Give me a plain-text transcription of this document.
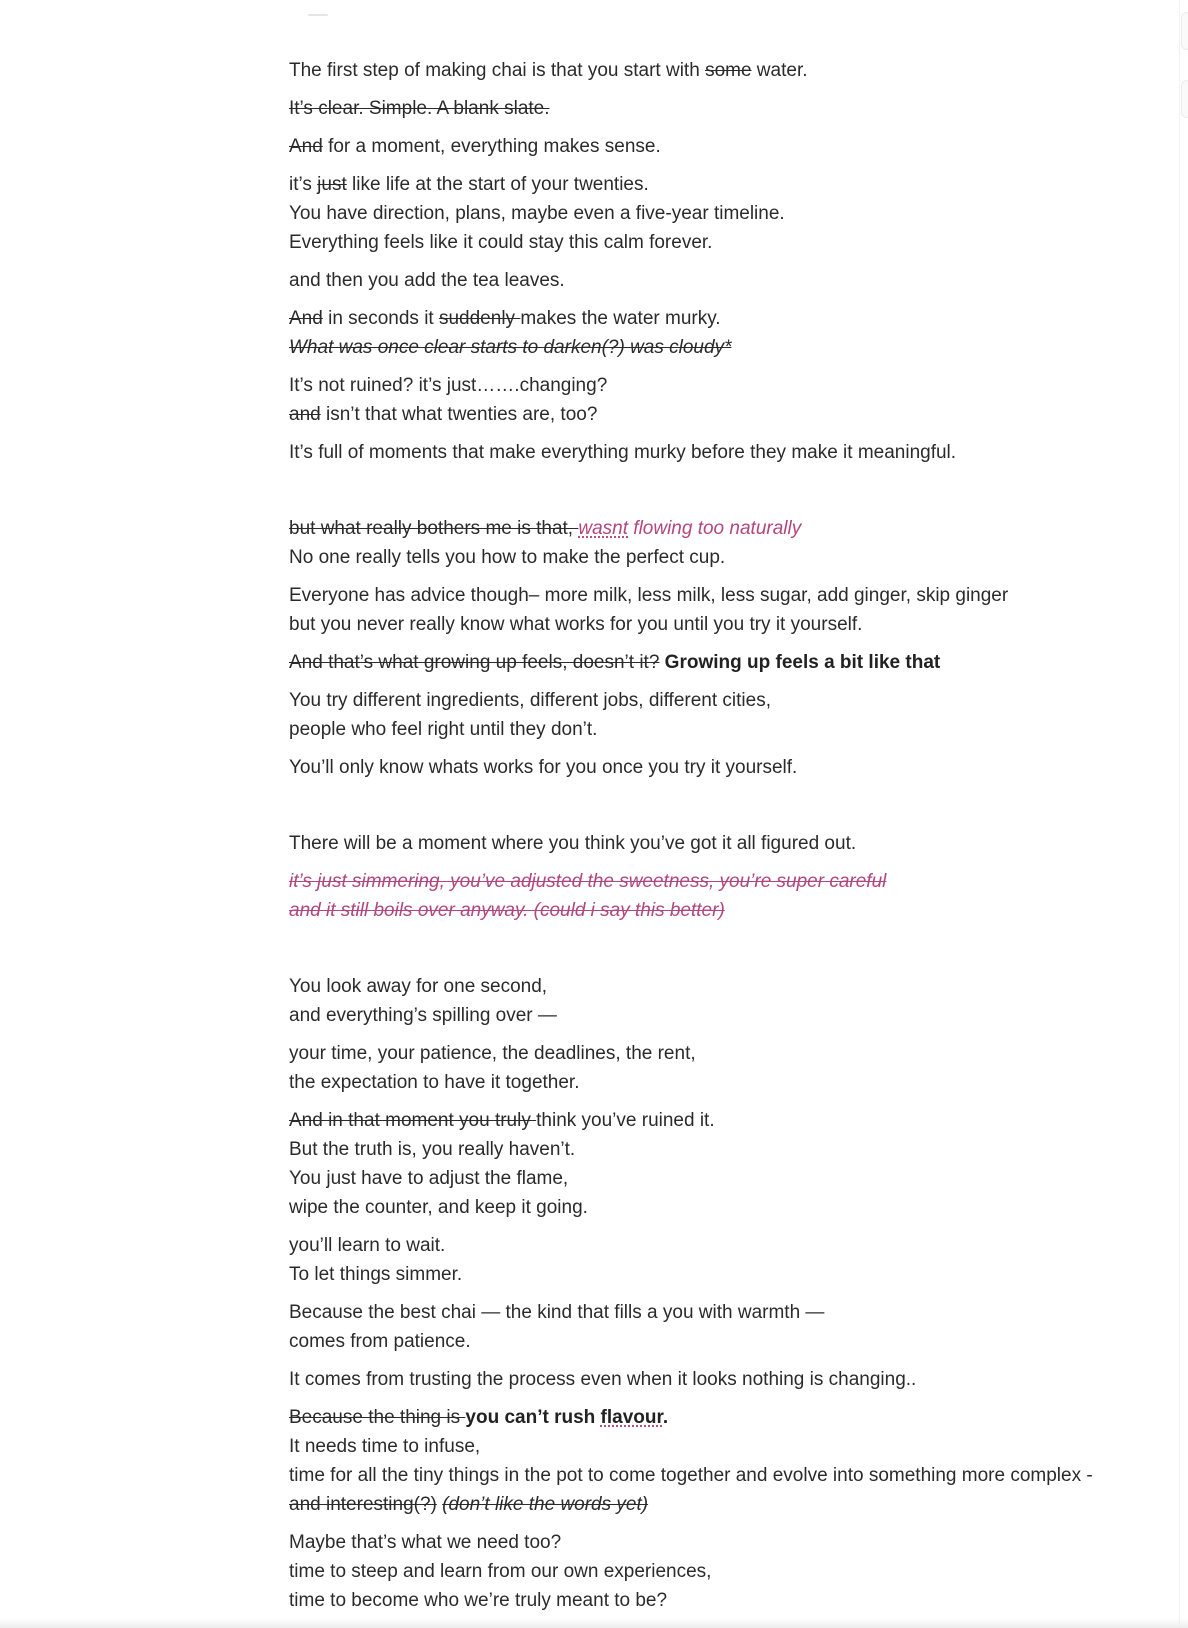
The first step of making chai is that you start with some water.

It’s clear. Simple. A blank slate.

And for a moment, everything makes sense.

it’s just like life at the start of your twenties.
You have direction, plans, maybe even a five-year timeline.
Everything feels like it could stay this calm forever.

and then you add the tea leaves.

And in seconds it suddenly makes the water murky.
What was once clear starts to darken(?) was cloudy*

It’s not ruined? it’s just…….changing?
and isn’t that what twenties are, too?

It’s full of moments that make everything murky before they make it meaningful.

but what really bothers me is that, wasnt flowing too naturally
No one really tells you how to make the perfect cup.

Everyone has advice though– more milk, less milk, less sugar, add ginger, skip ginger
but you never really know what works for you until you try it yourself.

And that’s what growing up feels, doesn’t it? Growing up feels a bit like that

You try different ingredients, different jobs, different cities,
people who feel right until they don’t.

You’ll only know whats works for you once you try it yourself.

There will be a moment where you think you’ve got it all figured out.

it’s just simmering, you’ve adjusted the sweetness, you’re super careful
and it still boils over anyway. (could i say this better)

You look away for one second,
and everything’s spilling over —

your time, your patience, the deadlines, the rent,
the expectation to have it together.

And in that moment you truly think you’ve ruined it.
But the truth is, you really haven’t.
You just have to adjust the flame,
wipe the counter, and keep it going.

you’ll learn to wait.
To let things simmer.

Because the best chai — the kind that fills a you with warmth —
comes from patience.

It comes from trusting the process even when it looks nothing is changing..

Because the thing is you can’t rush flavour.
It needs time to infuse,
time for all the tiny things in the pot to come together and evolve into something more complex -
and interesting(?) (don’t like the words yet)

Maybe that’s what we need too?
time to steep and learn from our own experiences,
time to become who we’re truly meant to be?
